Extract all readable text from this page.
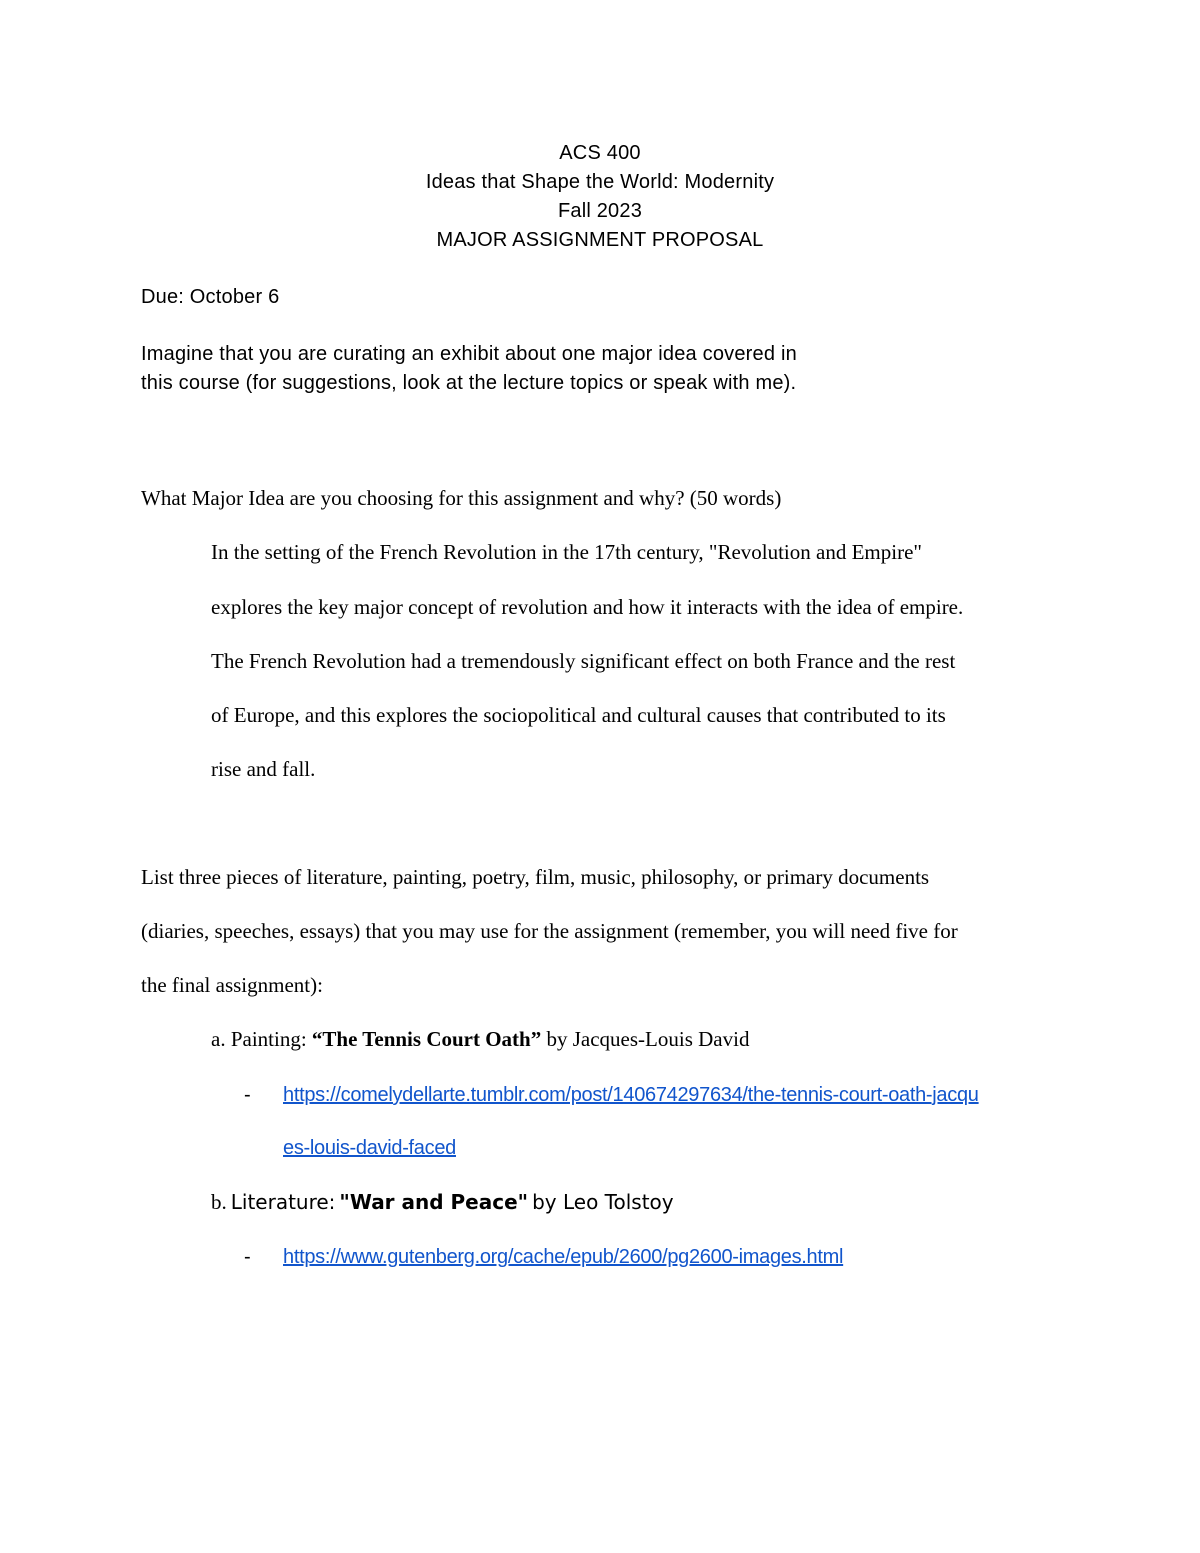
ACS 400
Ideas that Shape the World: Modernity
Fall 2023
MAJOR ASSIGNMENT PROPOSAL
Due: October 6
Imagine that you are curating an exhibit about one major idea covered in
this course (for suggestions, look at the lecture topics or speak with me).
What Major Idea are you choosing for this assignment and why? (50 words)
In the setting of the French Revolution in the 17th century, "Revolution and Empire"
explores the key major concept of revolution and how it interacts with the idea of empire.
The French Revolution had a tremendously significant effect on both France and the rest
of Europe, and this explores the sociopolitical and cultural causes that contributed to its
rise and fall.
List three pieces of literature, painting, poetry, film, music, philosophy, or primary documents
(diaries, speeches, essays) that you may use for the assignment (remember, you will need five for
the final assignment):
a. Painting: “The Tennis Court Oath” by Jacques-Louis David
- https://comelydellarte.tumblr.com/post/140674297634/the-tennis-court-oath-jacqu
es-louis-david-faced
b. Literature: "War and Peace" by Leo Tolstoy
- https://www.gutenberg.org/cache/epub/2600/pg2600-images.html
